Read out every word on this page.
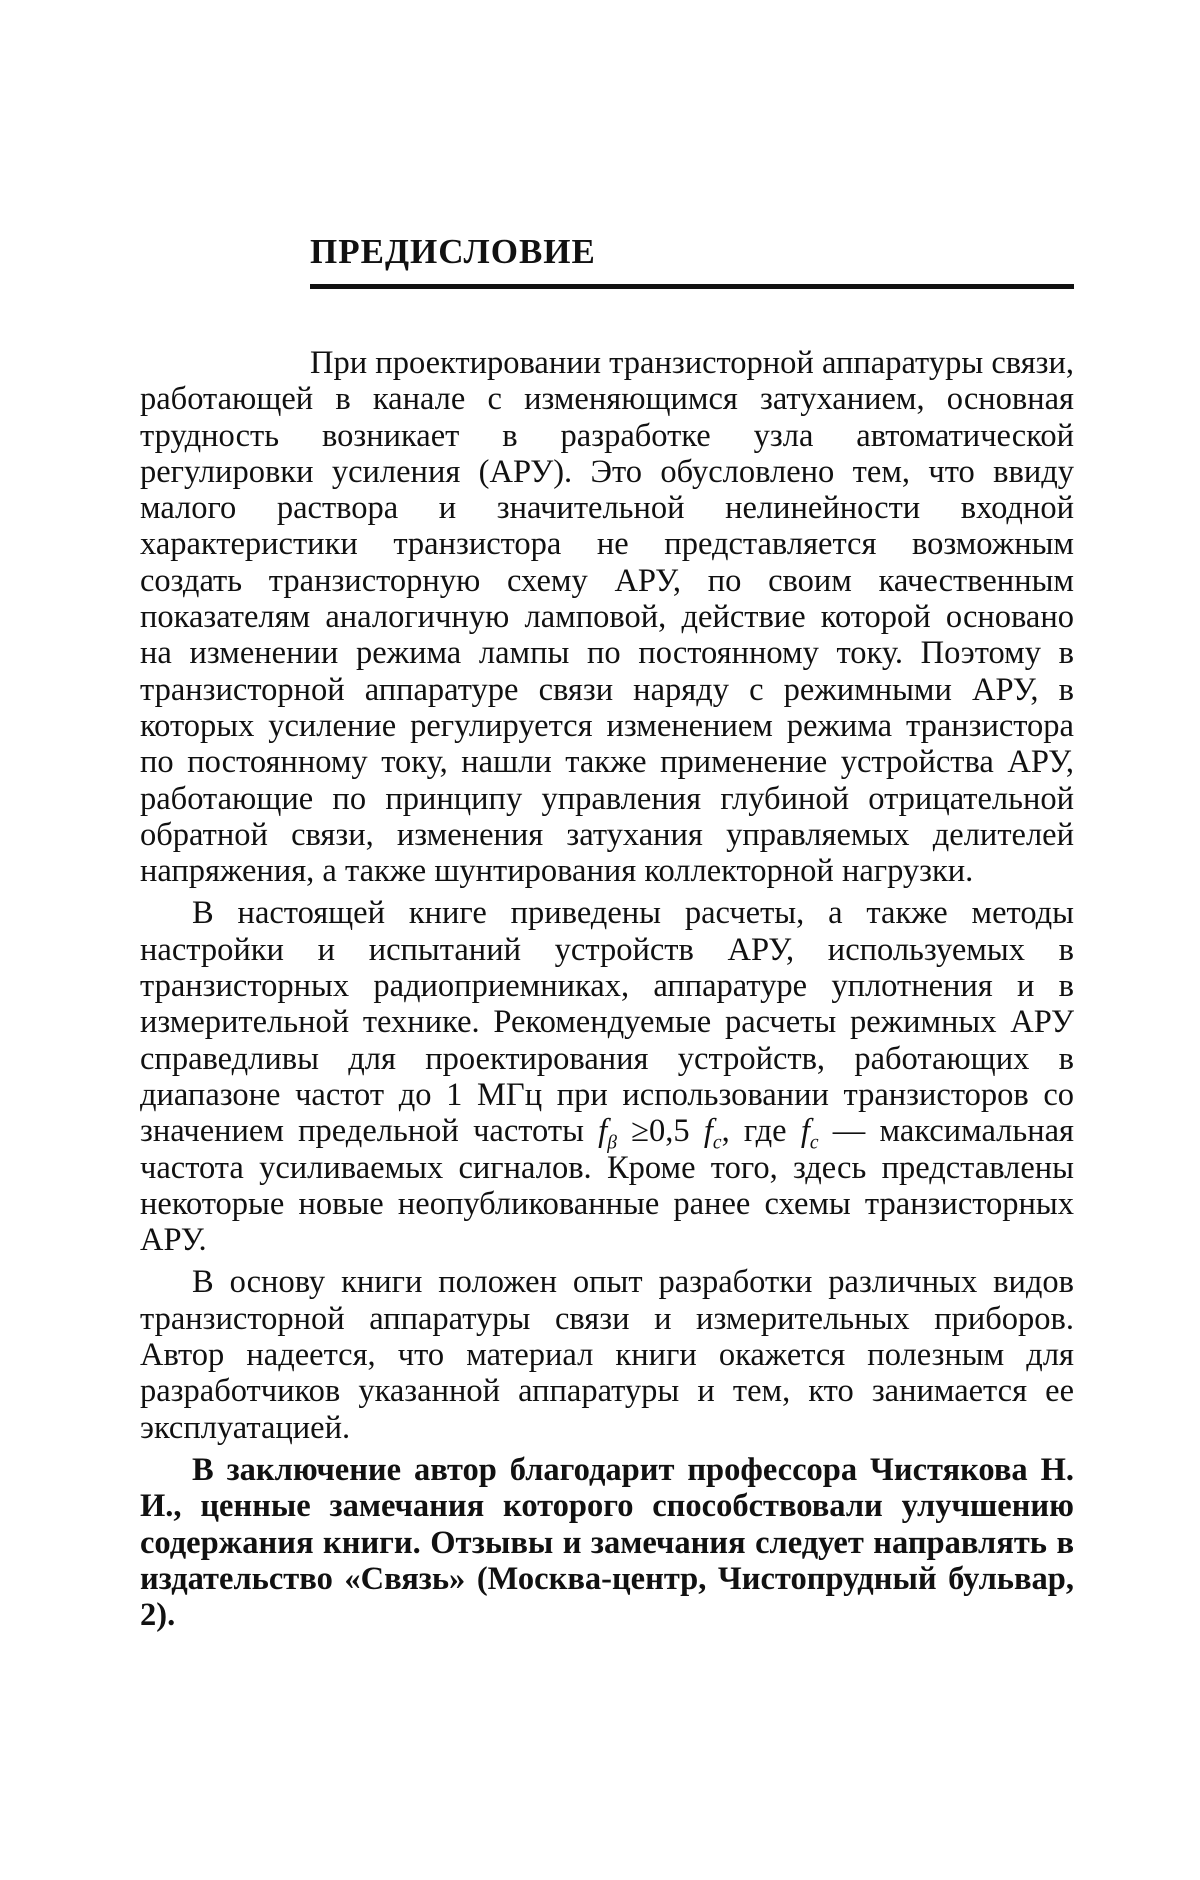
ПРЕДИСЛОВИЕ

При проектировании транзисторной аппаратуры связи, работающей в канале с изменяющимся затуханием, основная трудность возникает в разработке узла автоматической регулировки усиления (АРУ). Это обусловлено тем, что ввиду малого раствора и значительной нелинейности входной характеристики транзистора не представляется возможным создать транзисторную схему АРУ, по своим качественным показателям аналогичную ламповой, действие которой основано на изменении режима лампы по постоянному току. Поэтому в транзисторной аппаратуре связи наряду с режимными АРУ, в которых усиление регулируется изменением режима транзистора по постоянному току, нашли также применение устройства АРУ, работающие по принципу управления глубиной отрицательной обратной связи, изменения затухания управляемых делителей напряжения, а также шунтирования коллекторной нагрузки.

В настоящей книге приведены расчеты, а также методы настройки и испытаний устройств АРУ, используемых в транзисторных радиоприемниках, аппаратуре уплотнения и в измерительной технике. Рекомендуемые расчеты режимных АРУ справедливы для проектирования устройств, работающих в диапазоне частот до 1 МГц при использовании транзисторов со значением предельной частоты $f_\beta \ge 0,5$ $f_с$, где $f_с$ — максимальная частота усиливаемых сигналов. Кроме того, здесь представлены некоторые новые неопубликованные ранее схемы транзисторных АРУ.

В основу книги положен опыт разработки различных видов транзисторной аппаратуры связи и измерительных приборов. Автор надеется, что материал книги окажется полезным для разработчиков указанной аппаратуры и тем, кто занимается ее эксплуатацией.

В заключение автор благодарит профессора Чистякова Н. И., ценные замечания которого способствовали улучшению содержания книги. Отзывы и замечания следует направлять в издательство «Связь» (Москва-центр, Чистопрудный бульвар, 2).
